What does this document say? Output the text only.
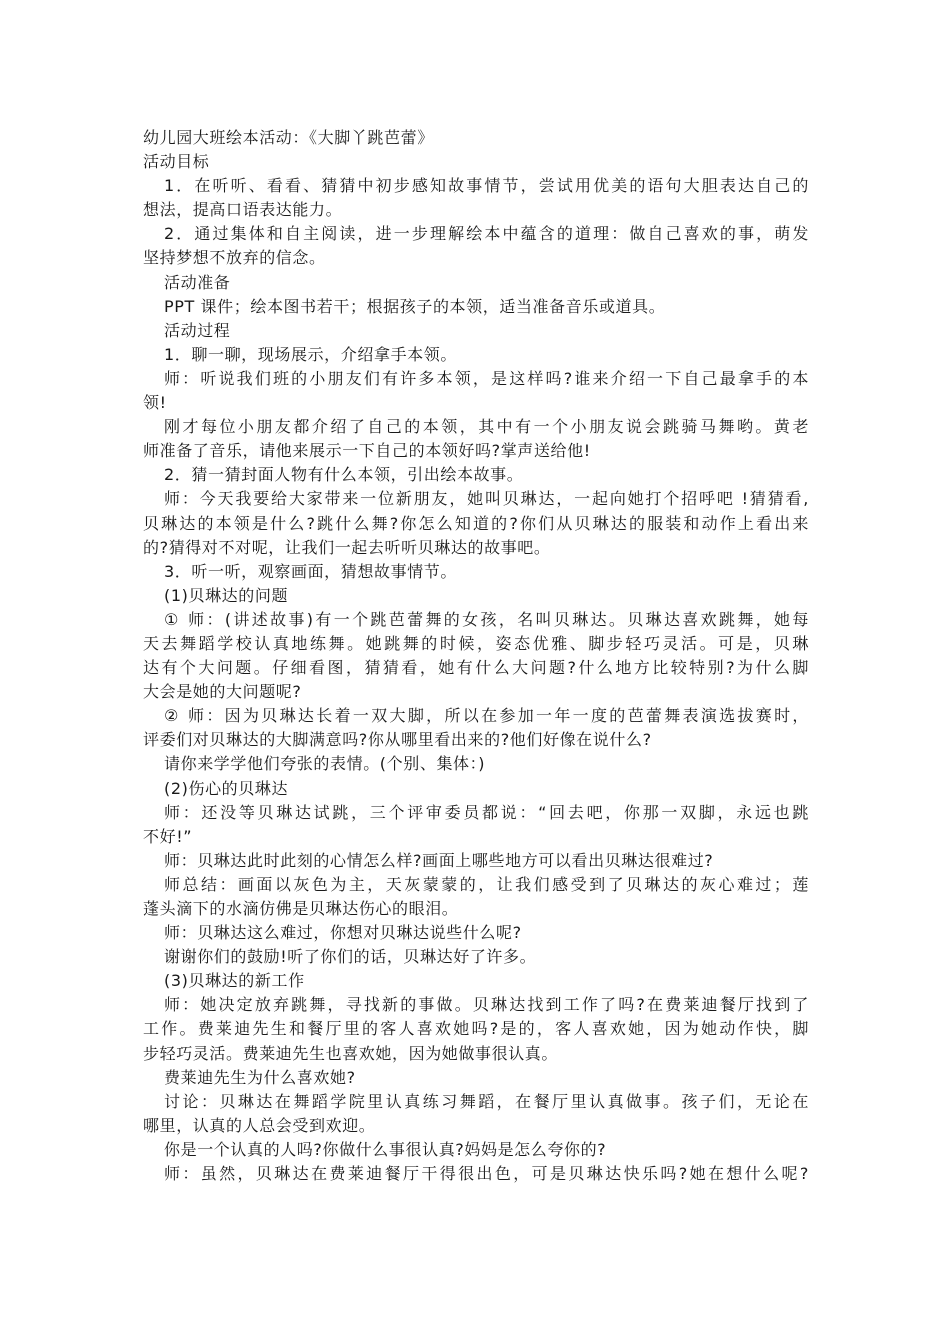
幼儿园大班绘本活动：《大脚丫跳芭蕾》
活动目标
1．在听听、看看、猜猜中初步感知故事情节，尝试用优美的语句大胆表达自己的
想法，提高口语表达能力。
2．通过集体和自主阅读，进一步理解绘本中蕴含的道理：做自己喜欢的事，萌发
坚持梦想不放弃的信念。
活动准备
PPT 课件；绘本图书若干；根据孩子的本领，适当准备音乐或道具。
活动过程
1．聊一聊，现场展示，介绍拿手本领。
师：听说我们班的小朋友们有许多本领，是这样吗?谁来介绍一下自己最拿手的本
领!
刚才每位小朋友都介绍了自己的本领，其中有一个小朋友说会跳骑马舞哟。黄老
师准备了音乐，请他来展示一下自己的本领好吗?掌声送给他!
2．猜一猜封面人物有什么本领，引出绘本故事。
师：今天我要给大家带来一位新朋友，她叫贝琳达，一起向她打个招呼吧 !猜猜看,
贝琳达的本领是什么?跳什么舞?你怎么知道的?你们从贝琳达的服装和动作上看出来
的?猜得对不对呢，让我们一起去听听贝琳达的故事吧。
3．听一听，观察画面，猜想故事情节。
(1)贝琳达的问题
① 师：(讲述故事)有一个跳芭蕾舞的女孩，名叫贝琳达。贝琳达喜欢跳舞，她每
天去舞蹈学校认真地练舞。她跳舞的时候，姿态优雅、脚步轻巧灵活。可是，贝琳
达有个大问题。仔细看图，猜猜看，她有什么大问题?什么地方比较特别?为什么脚
大会是她的大问题呢?
② 师：因为贝琳达长着一双大脚，所以在参加一年一度的芭蕾舞表演选拔赛时，
评委们对贝琳达的大脚满意吗?你从哪里看出来的?他们好像在说什么?
请你来学学他们夸张的表情。(个别、集体：)
(2)伤心的贝琳达
师：还没等贝琳达试跳，三个评审委员都说：“回去吧，你那一双脚，永远也跳
不好!”
师：贝琳达此时此刻的心情怎么样?画面上哪些地方可以看出贝琳达很难过?
师总结：画面以灰色为主，天灰蒙蒙的，让我们感受到了贝琳达的灰心难过；莲
蓬头滴下的水滴仿佛是贝琳达伤心的眼泪。
师：贝琳达这么难过，你想对贝琳达说些什么呢?
谢谢你们的鼓励!听了你们的话，贝琳达好了许多。
(3)贝琳达的新工作
师：她决定放弃跳舞，寻找新的事做。贝琳达找到工作了吗?在费莱迪餐厅找到了
工作。费莱迪先生和餐厅里的客人喜欢她吗?是的，客人喜欢她，因为她动作快，脚
步轻巧灵活。费莱迪先生也喜欢她，因为她做事很认真。
费莱迪先生为什么喜欢她?
讨论：贝琳达在舞蹈学院里认真练习舞蹈，在餐厅里认真做事。孩子们，无论在
哪里，认真的人总会受到欢迎。
你是一个认真的人吗?你做什么事很认真?妈妈是怎么夸你的?
师：虽然，贝琳达在费莱迪餐厅干得很出色，可是贝琳达快乐吗?她在想什么呢?
